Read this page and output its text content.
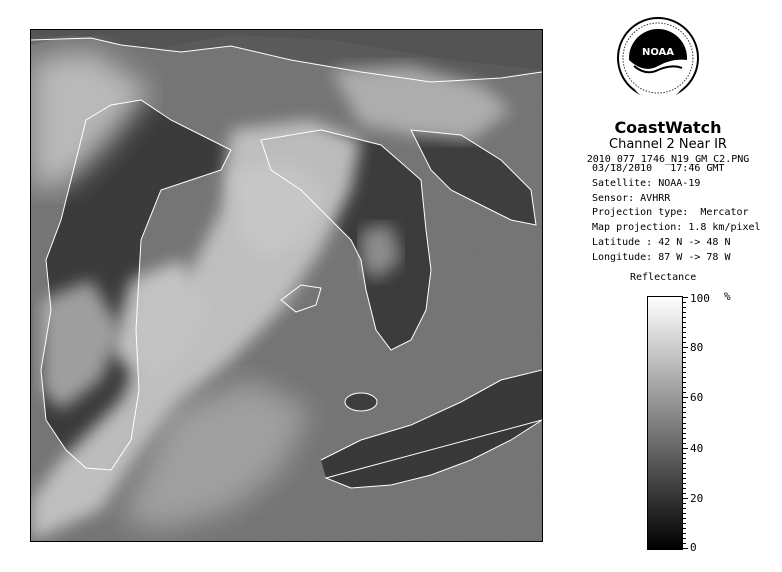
NOAA
CoastWatch
Channel 2 Near IR
2010_077_1746_N19_GM_C2.PNG
03/18/2010   17:46 GMT
Satellite: NOAA-19
Sensor: AVHRR
Projection type:  Mercator
Map projection: 1.8 km/pixel
Latitude : 42 N -> 48 N
Longitude: 87 W -> 78 W
Reflectance
%
100
80
60
40
20
0
